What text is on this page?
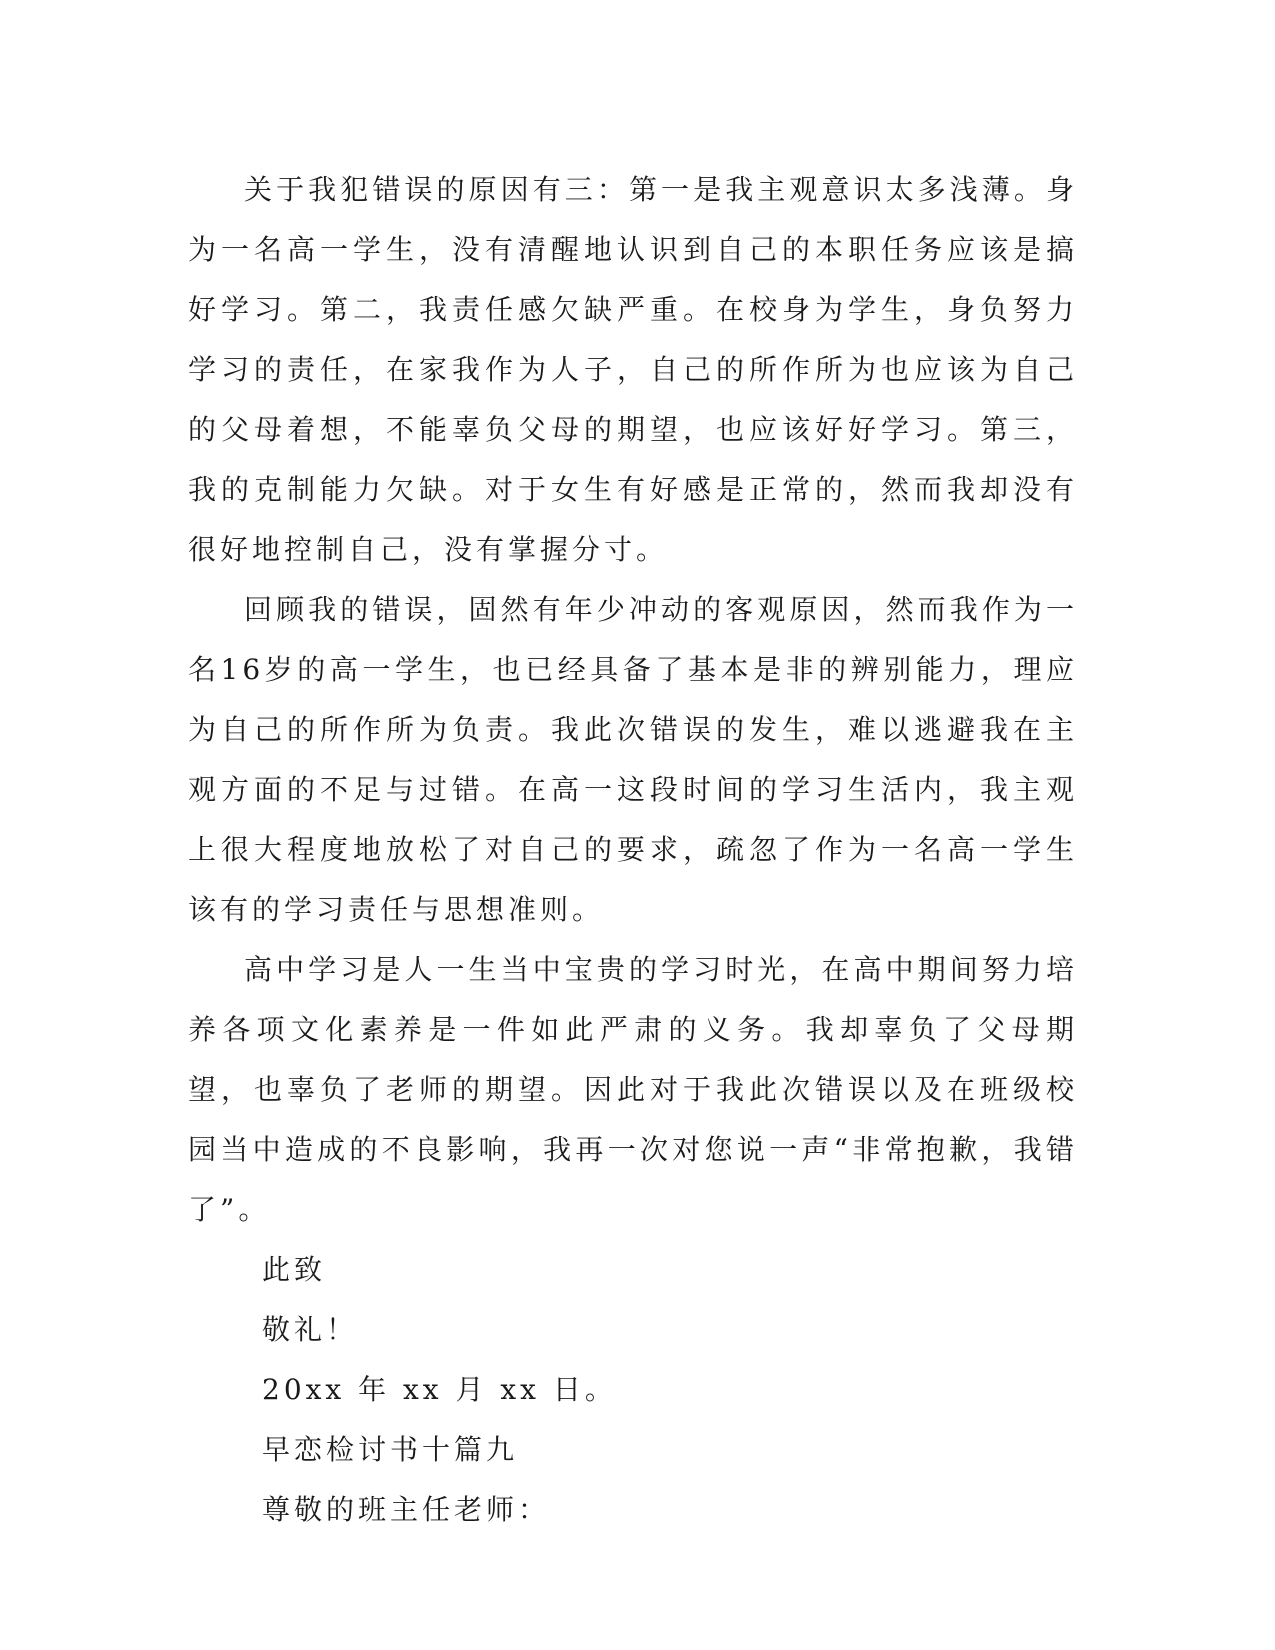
关于我犯错误的原因有三：第一是我主观意识太多浅薄。身为一名高一学生，没有清醒地认识到自己的本职任务应该是搞好学习。第二，我责任感欠缺严重。在校身为学生，身负努力学习的责任，在家我作为人子，自己的所作所为也应该为自己的父母着想，不能辜负父母的期望，也应该好好学习。第三，我的克制能力欠缺。对于女生有好感是正常的，然而我却没有很好地控制自己，没有掌握分寸。

回顾我的错误，固然有年少冲动的客观原因，然而我作为一名16岁的高一学生，也已经具备了基本是非的辨别能力，理应为自己的所作所为负责。我此次错误的发生，难以逃避我在主观方面的不足与过错。在高一这段时间的学习生活内，我主观上很大程度地放松了对自己的要求，疏忽了作为一名高一学生该有的学习责任与思想准则。

高中学习是人一生当中宝贵的学习时光，在高中期间努力培养各项文化素养是一件如此严肃的义务。我却辜负了父母期望，也辜负了老师的期望。因此对于我此次错误以及在班级校园当中造成的不良影响，我再一次对您说一声“非常抱歉，我错了”。

此致

敬礼！

20xx 年 xx 月 xx 日。

早恋检讨书十篇九

尊敬的班主任老师：
